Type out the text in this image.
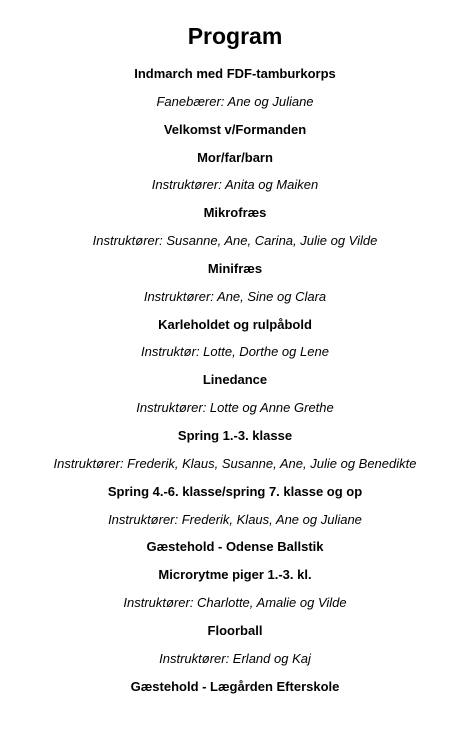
Program
Indmarch med FDF-tamburkorps
Fanebærer: Ane og Juliane
Velkomst v/Formanden
Mor/far/barn
Instruktører: Anita og Maiken
Mikrofræs
Instruktører: Susanne, Ane, Carina, Julie og Vilde
Minifræs
Instruktører: Ane, Sine og Clara
Karleholdet og rulpåbold
Instruktør: Lotte, Dorthe og Lene
Linedance
Instruktører: Lotte og Anne Grethe
Spring 1.-3. klasse
Instruktører: Frederik, Klaus, Susanne, Ane, Julie og Benedikte
Spring 4.-6. klasse/spring 7. klasse og op
Instruktører: Frederik, Klaus, Ane og Juliane
Gæstehold - Odense Ballstik
Microrytme piger 1.-3. kl.
Instruktører: Charlotte, Amalie og Vilde
Floorball
Instruktører: Erland og Kaj
Gæstehold - Lægården Efterskole
